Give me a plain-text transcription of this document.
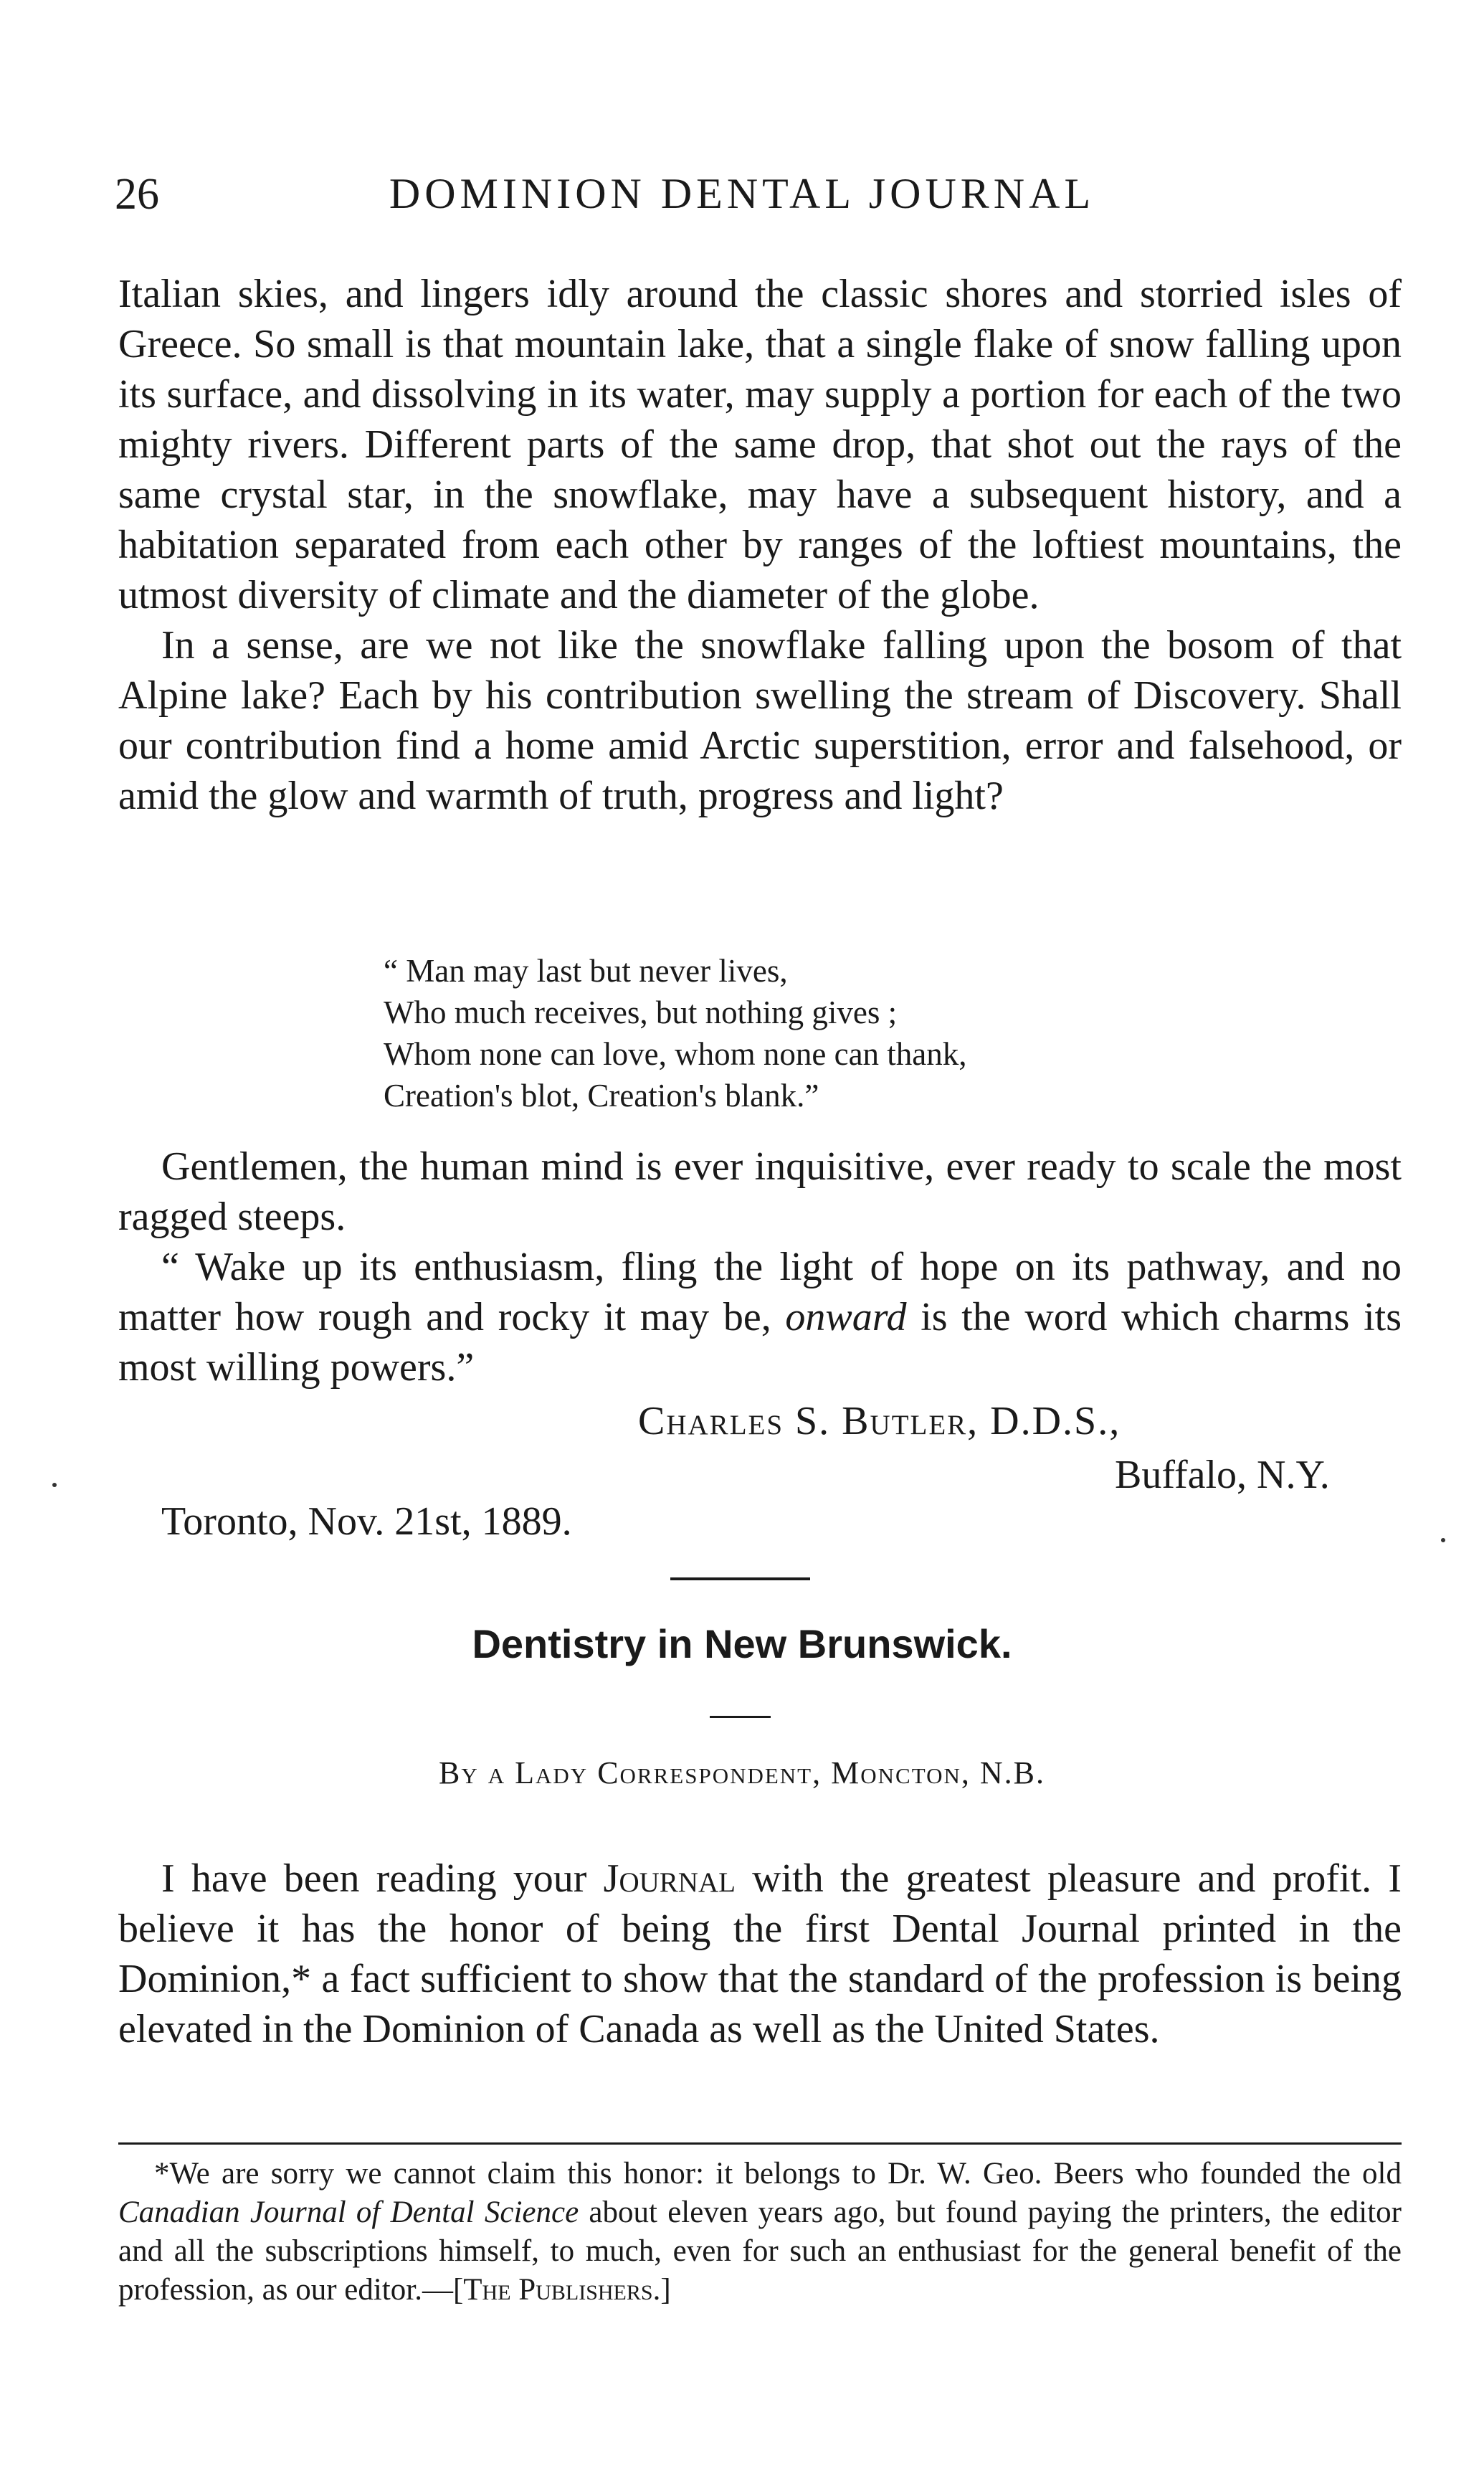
26	DOMINION DENTAL JOURNAL

Italian skies, and lingers idly around the classic shores and storried isles of Greece. So small is that mountain lake, that a single flake of snow falling upon its surface, and dissolving in its water, may supply a portion for each of the two mighty rivers. Different parts of the same drop, that shot out the rays of the same crystal star, in the snowflake, may have a subsequent history, and a habitation separated from each other by ranges of the loftiest mountains, the utmost diversity of climate and the diameter of the globe.

In a sense, are we not like the snowflake falling upon the bosom of that Alpine lake? Each by his contribution swelling the stream of Discovery. Shall our contribution find a home amid Arctic superstition, error and falsehood, or amid the glow and warmth of truth, progress and light?

“ Man may last but never lives,
Who much receives, but nothing gives ;
Whom none can love, whom none can thank,
Creation's blot, Creation's blank.”

Gentlemen, the human mind is ever inquisitive, ever ready to scale the most ragged steeps.

“ Wake up its enthusiasm, fling the light of hope on its pathway, and no matter how rough and rocky it may be, onward is the word which charms its most willing powers.”

Charles S. Butler, D.D.S.,
Buffalo, N.Y.
Toronto, Nov. 21st, 1889.
Dentistry in New Brunswick.
By a Lady Correspondent, Moncton, N.B.

I have been reading your Journal with the greatest pleasure and profit. I believe it has the honor of being the first Dental Journal printed in the Dominion,* a fact sufficient to show that the standard of the profession is being elevated in the Dominion of Canada as well as the United States.

*We are sorry we cannot claim this honor: it belongs to Dr. W. Geo. Beers who founded the old Canadian Journal of Dental Science about eleven years ago, but found paying the printers, the editor and all the subscriptions himself, to much, even for such an enthusiast for the general benefit of the profession, as our editor.—[The Publishers.]
